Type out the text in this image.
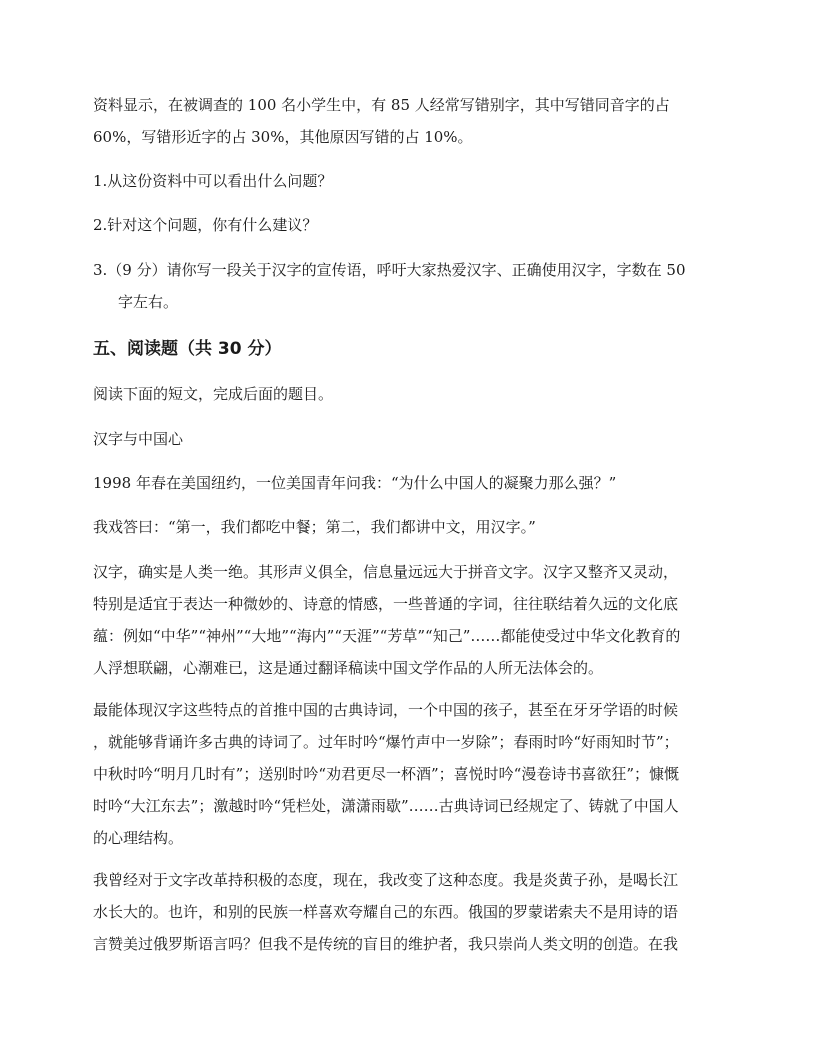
资料显示，在被调查的 100 名小学生中，有 85 人经常写错别字，其中写错同音字的占
60%，写错形近字的占 30%，其他原因写错的占 10%。
1.从这份资料中可以看出什么问题？
2.针对这个问题，你有什么建议？
3.（9 分）请你写一段关于汉字的宣传语，呼吁大家热爱汉字、正确使用汉字，字数在 50
字左右。
五、阅读题（共 30 分）
阅读下面的短文，完成后面的题目。
汉字与中国心
1998 年春在美国纽约，一位美国青年问我：“为什么中国人的凝聚力那么强？”
我戏答曰：“第一，我们都吃中餐；第二，我们都讲中文，用汉字。”
汉字，确实是人类一绝。其形声义俱全，信息量远远大于拼音文字。汉字又整齐又灵动，
特别是适宜于表达一种微妙的、诗意的情感，一些普通的字词，往往联结着久远的文化底
蕴：例如“中华”“神州”“大地”“海内”“天涯”“芳草”“知己”……都能使受过中华文化教育的
人浮想联翩，心潮难已，这是通过翻译稿读中国文学作品的人所无法体会的。
最能体现汉字这些特点的首推中国的古典诗词，一个中国的孩子，甚至在牙牙学语的时候
，就能够背诵许多古典的诗词了。过年时吟“爆竹声中一岁除”；春雨时吟“好雨知时节”；
中秋时吟“明月几时有”；送别时吟“劝君更尽一杯酒”；喜悦时吟“漫卷诗书喜欲狂”；慷慨
时吟“大江东去”；激越时吟“凭栏处，潇潇雨歇”……古典诗词已经规定了、铸就了中国人
的心理结构。
我曾经对于文字改革持积极的态度，现在，我改变了这种态度。我是炎黄子孙，是喝长江
水长大的。也许，和别的民族一样喜欢夸耀自己的东西。俄国的罗蒙诺索夫不是用诗的语
言赞美过俄罗斯语言吗？但我不是传统的盲目的维护者，我只崇尚人类文明的创造。在我
